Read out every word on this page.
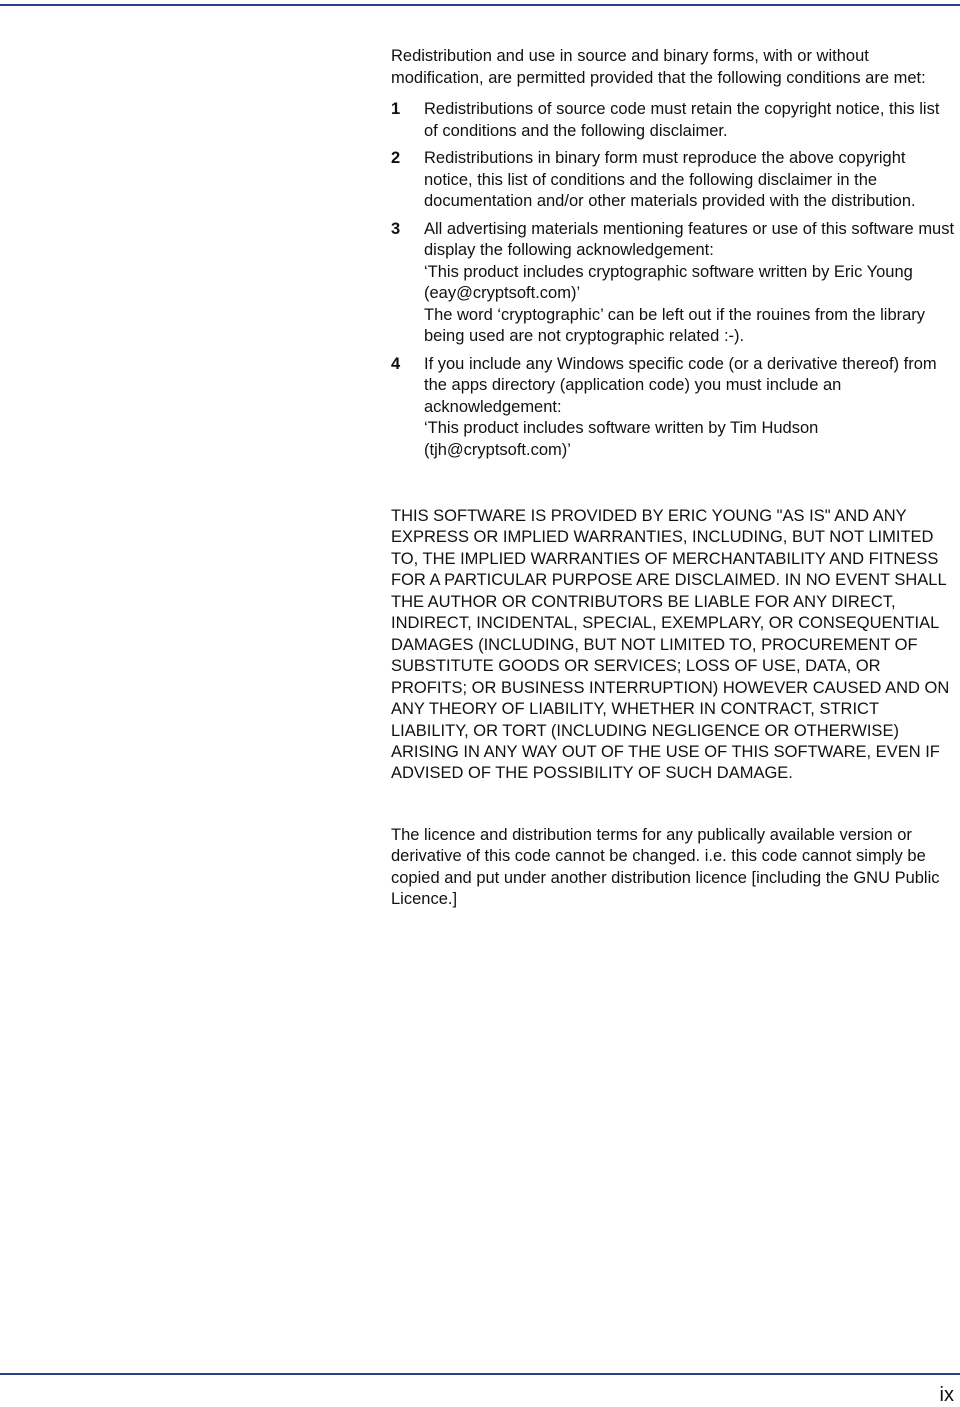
Redistribution and use in source and binary forms, with or without modification, are permitted provided that the following conditions are met:

1 Redistributions of source code must retain the copyright notice, this list of conditions and the following disclaimer.
2 Redistributions in binary form must reproduce the above copyright notice, this list of conditions and the following disclaimer in the documentation and/or other materials provided with the distribution.
3 All advertising materials mentioning features or use of this software must display the following acknowledgement:
‘This product includes cryptographic software written by Eric Young (eay@cryptsoft.com)’
The word ‘cryptographic’ can be left out if the rouines from the library being used are not cryptographic related :-).
4 If you include any Windows specific code (or a derivative thereof) from the apps directory (application code) you must include an acknowledgement:
‘This product includes software written by Tim Hudson (tjh@cryptsoft.com)’

THIS SOFTWARE IS PROVIDED BY ERIC YOUNG "AS IS" AND ANY EXPRESS OR IMPLIED WARRANTIES, INCLUDING, BUT NOT LIMITED TO, THE IMPLIED WARRANTIES OF MERCHANTABILITY AND FITNESS FOR A PARTICULAR PURPOSE ARE DISCLAIMED. IN NO EVENT SHALL THE AUTHOR OR CONTRIBUTORS BE LIABLE FOR ANY DIRECT, INDIRECT, INCIDENTAL, SPECIAL, EXEMPLARY, OR CONSEQUENTIAL DAMAGES (INCLUDING, BUT NOT LIMITED TO, PROCUREMENT OF SUBSTITUTE GOODS OR SERVICES; LOSS OF USE, DATA, OR PROFITS; OR BUSINESS INTERRUPTION) HOWEVER CAUSED AND ON ANY THEORY OF LIABILITY, WHETHER IN CONTRACT, STRICT LIABILITY, OR TORT (INCLUDING NEGLIGENCE OR OTHERWISE) ARISING IN ANY WAY OUT OF THE USE OF THIS SOFTWARE, EVEN IF ADVISED OF THE POSSIBILITY OF SUCH DAMAGE.

The licence and distribution terms for any publically available version or derivative of this code cannot be changed. i.e. this code cannot simply be copied and put under another distribution licence [including the GNU Public Licence.]

ix
